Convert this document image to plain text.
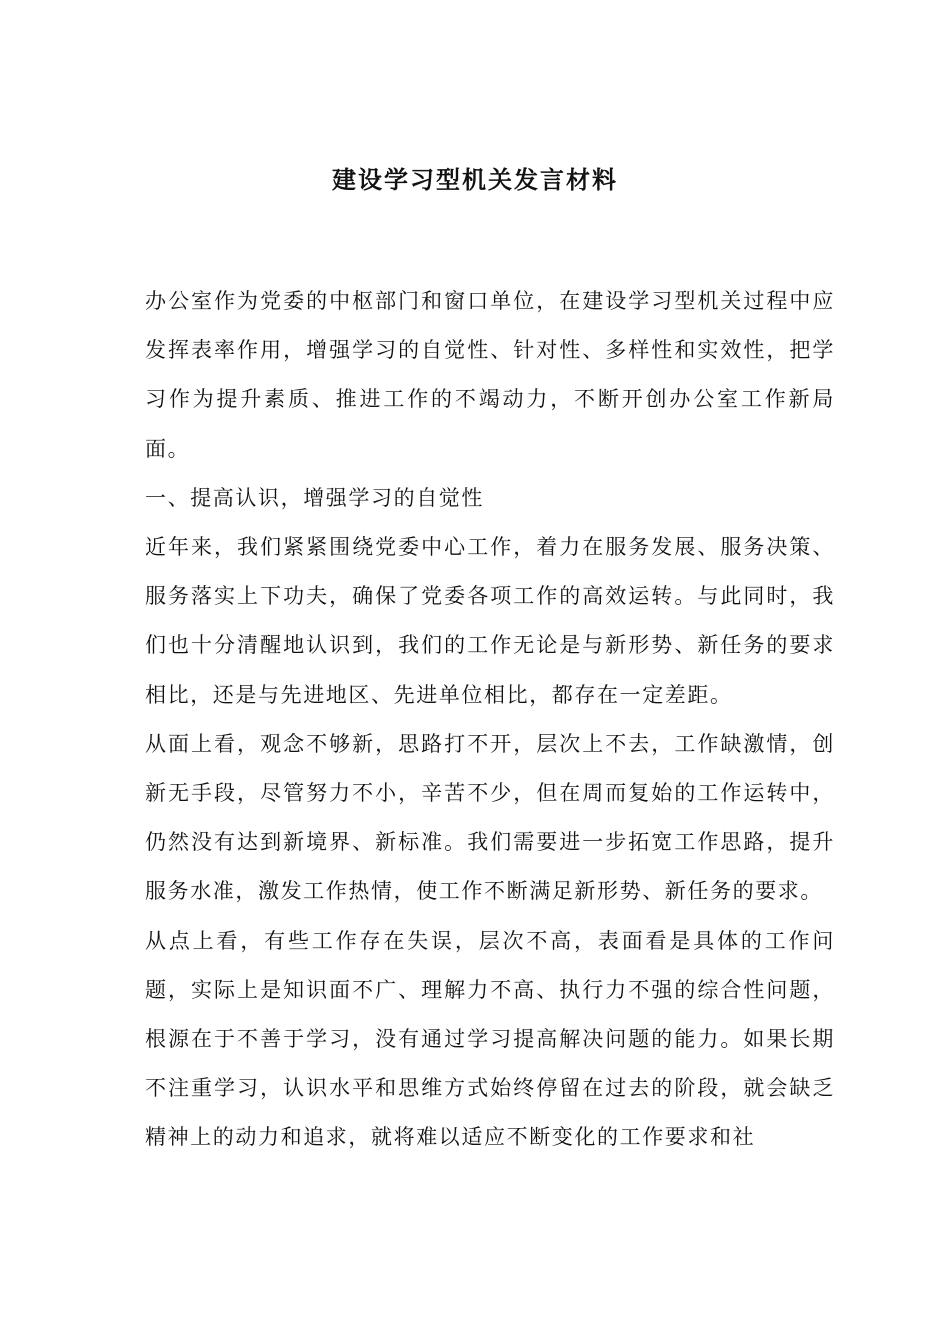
建设学习型机关发言材料

办公室作为党委的中枢部门和窗口单位，在建设学习型机关过程中应发挥表率作用，增强学习的自觉性、针对性、多样性和实效性，把学习作为提升素质、推进工作的不竭动力，不断开创办公室工作新局面。

一、提高认识，增强学习的自觉性

近年来，我们紧紧围绕党委中心工作，着力在服务发展、服务决策、服务落实上下功夫，确保了党委各项工作的高效运转。与此同时，我们也十分清醒地认识到，我们的工作无论是与新形势、新任务的要求相比，还是与先进地区、先进单位相比，都存在一定差距。

从面上看，观念不够新，思路打不开，层次上不去，工作缺激情，创新无手段，尽管努力不小，辛苦不少，但在周而复始的工作运转中，仍然没有达到新境界、新标准。我们需要进一步拓宽工作思路，提升服务水准，激发工作热情，使工作不断满足新形势、新任务的要求。

从点上看，有些工作存在失误，层次不高，表面看是具体的工作问题，实际上是知识面不广、理解力不高、执行力不强的综合性问题，根源在于不善于学习，没有通过学习提高解决问题的能力。如果长期不注重学习，认识水平和思维方式始终停留在过去的阶段，就会缺乏精神上的动力和追求，就将难以适应不断变化的工作要求和社
